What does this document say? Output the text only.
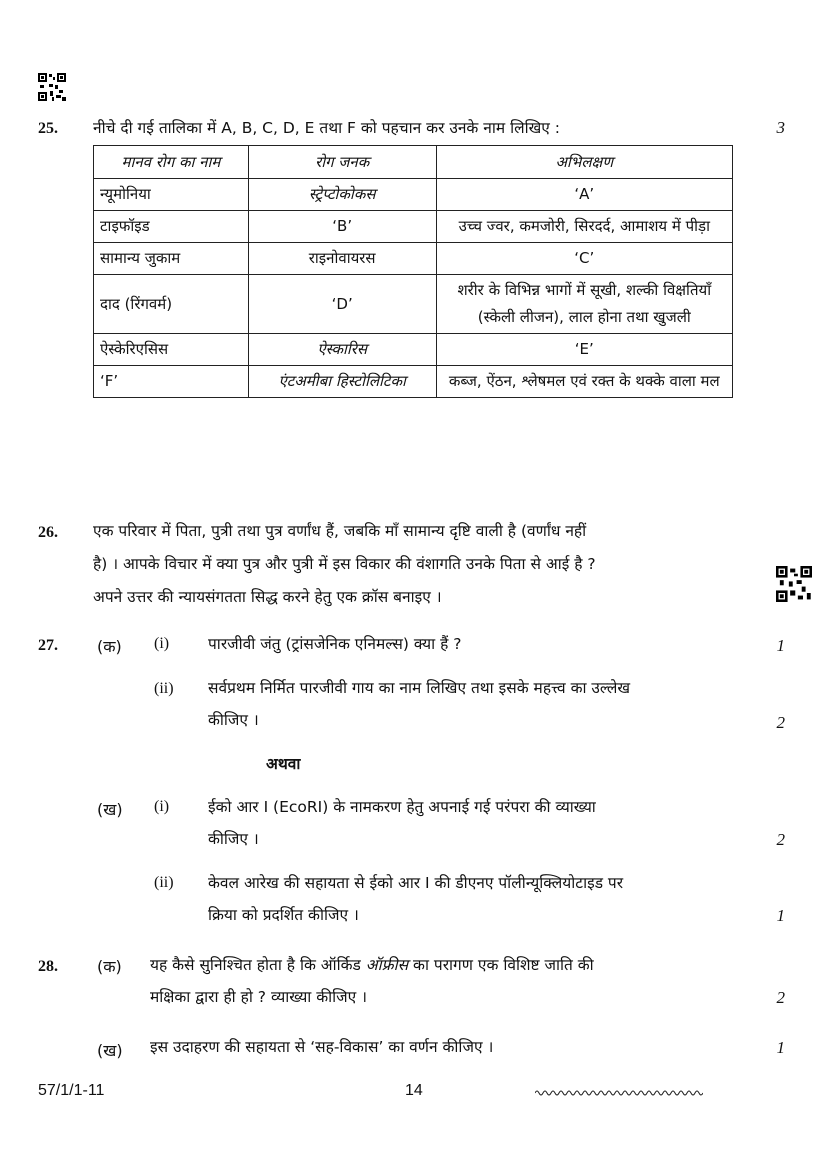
25. नीचे दी गई तालिका में A, B, C, D, E तथा F को पहचान कर उनके नाम लिखिए :	3
मानव रोग का नाम	रोग जनक	अभिलक्षण
न्यूमोनिया	स्ट्रेप्टोकोकस	‘A’
टाइफॉइड	‘B’	उच्च ज्वर, कमजोरी, सिरदर्द, आमाशय में पीड़ा
सामान्य जुकाम	राइनोवायरस	‘C’
दाद (रिंगवर्म)	‘D’	शरीर के विभिन्न भागों में सूखी, शल्की विक्षतियाँ (स्केली लीजन), लाल होना तथा खुजली
ऐस्केरिएसिस	ऐस्कारिस	‘E’
‘F’	एंटअमीबा हिस्टोलिटिका	कब्ज, ऐंठन, श्लेषमल एवं रक्त के थक्के वाला मल
26. एक परिवार में पिता, पुत्री तथा पुत्र वर्णांध हैं, जबकि माँ सामान्य दृष्टि वाली है (वर्णांध नहीं
है) । आपके विचार में क्या पुत्र और पुत्री में इस विकार की वंशागति उनके पिता से आई है ?
अपने उत्तर की न्यायसंगतता सिद्ध करने हेतु एक क्रॉस बनाइए ।
27. (क) (i)	पारजीवी जंतु (ट्रांसजेनिक एनिमल्स) क्या हैं ?	1
(ii) सर्वप्रथम निर्मित पारजीवी गाय का नाम लिखिए तथा इसके महत्त्व का उल्लेख
कीजिए ।	2
अथवा
(ख) (i)	ईको आर I (EcoRI) के नामकरण हेतु अपनाई गई परंपरा की व्याख्या
कीजिए ।	2
(ii) केवल आरेख की सहायता से ईको आर I की डीएनए पॉलीन्यूक्लियोटाइड पर
क्रिया को प्रदर्शित कीजिए ।	1
28. (क) यह कैसे सुनिश्चित होता है कि ऑर्किड ऑफ्रीस का परागण एक विशिष्ट जाति की
मक्षिका द्वारा ही हो ? व्याख्या कीजिए ।	2
(ख) इस उदाहरण की सहायता से ‘सह-विकास’ का वर्णन कीजिए ।	1
57/1/1-11	14
